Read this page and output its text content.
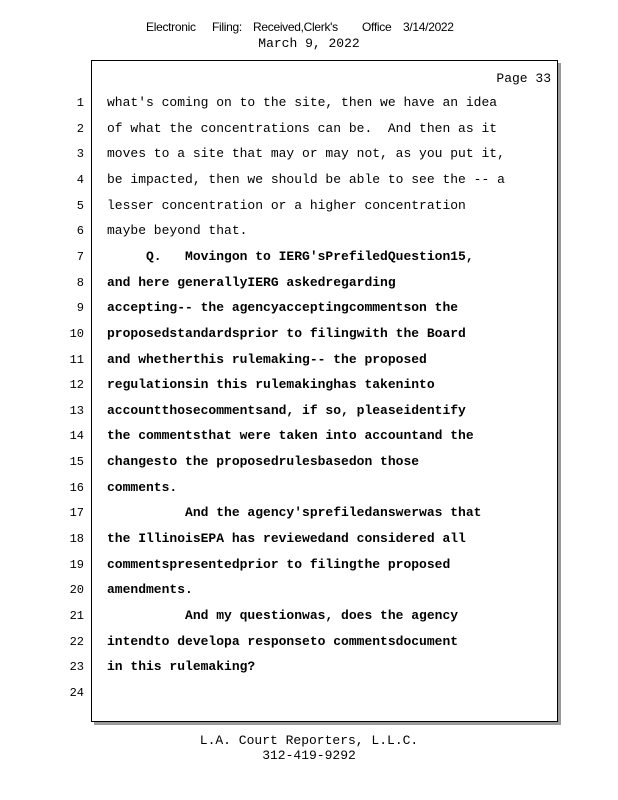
Electronic Filing: Received,Clerk's Office 3/14/2022
March 9, 2022
Page 33
1 what's coming on to the site, then we have an idea
2 of what the concentrations can be.  And then as it
3 moves to a site that may or may not, as you put it,
4 be impacted, then we should be able to see the -- a
5 lesser concentration or a higher concentration
6 maybe beyond that.
7 Q.   Movingon to IERG'sPrefiledQuestion15,
8 and here generallyIERG askedregarding
9 accepting-- the agencyacceptingcommentson the
10 proposedstandardsprior to filingwith the Board
11 and whetherthis rulemaking-- the proposed
12 regulationsin this rulemakinghas takeninto
13 accountthosecommentsand, if so, pleaseidentify
14 the commentsthat were taken into accountand the
15 changesto the proposedrulesbasedon those
16 comments.
17 And the agency'sprefiledanswerwas that
18 the IllinoisEPA has reviewedand considered all
19 commentspresentedprior to filingthe proposed
20 amendments.
21 And my questionwas, does the agency
22 intendto developa responseto commentsdocument
23 in this rulemaking?
24
L.A. Court Reporters, L.L.C.
312-419-9292
